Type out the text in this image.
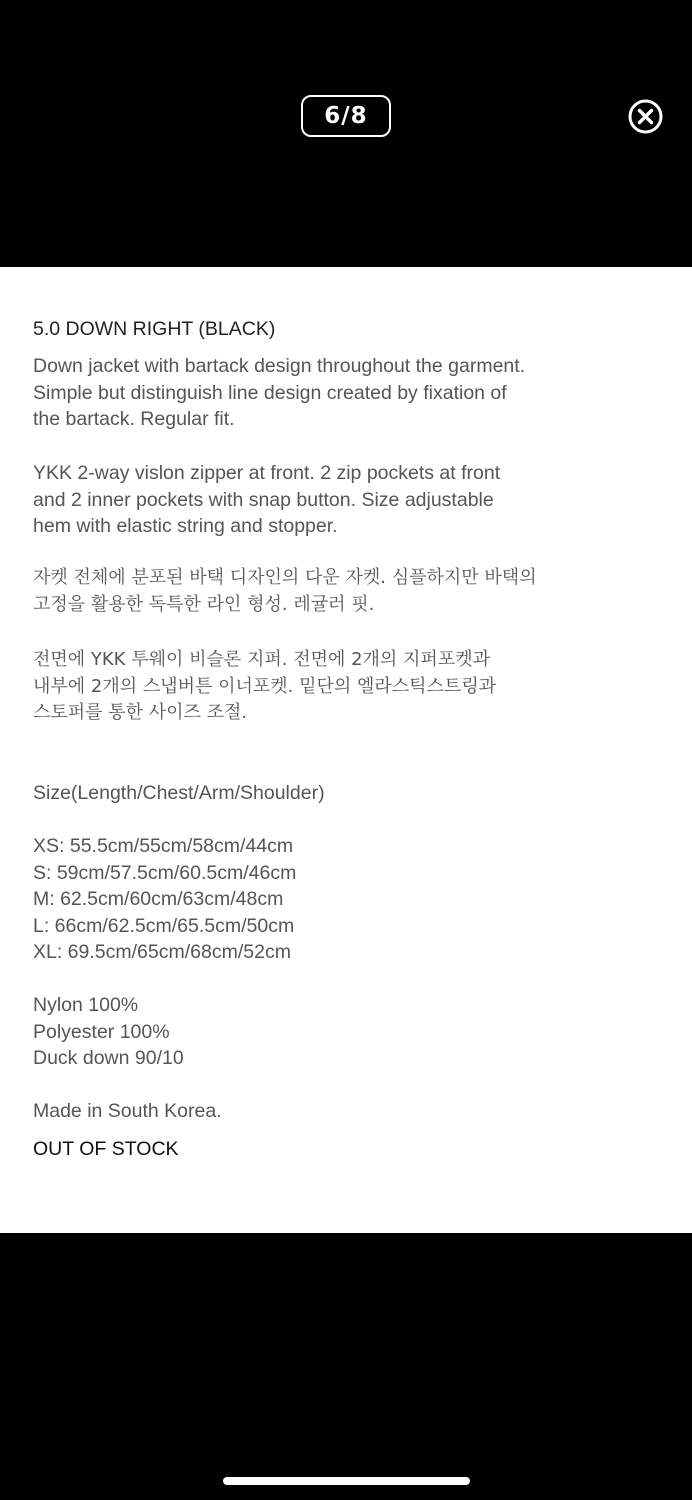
6/8
5.0 DOWN RIGHT (BLACK)
Down jacket with bartack design throughout the garment.
Simple but distinguish line design created by fixation of
the bartack. Regular fit.
YKK 2-way vislon zipper at front. 2 zip pockets at front
and 2 inner pockets with snap button. Size adjustable
hem with elastic string and stopper.
자켓 전체에 분포된 바택 디자인의 다운 자켓. 심플하지만 바택의
고정을 활용한 독특한 라인 형성. 레귤러 핏.
전면에 YKK 투웨이 비슬론 지퍼. 전면에 2개의 지퍼포켓과
내부에 2개의 스냅버튼 이너포켓. 밑단의 엘라스틱스트링과
스토퍼를 통한 사이즈 조절.
Size(Length/Chest/Arm/Shoulder)
XS: 55.5cm/55cm/58cm/44cm
S: 59cm/57.5cm/60.5cm/46cm
M: 62.5cm/60cm/63cm/48cm
L: 66cm/62.5cm/65.5cm/50cm
XL: 69.5cm/65cm/68cm/52cm
Nylon 100%
Polyester 100%
Duck down 90/10
Made in South Korea.
OUT OF STOCK
